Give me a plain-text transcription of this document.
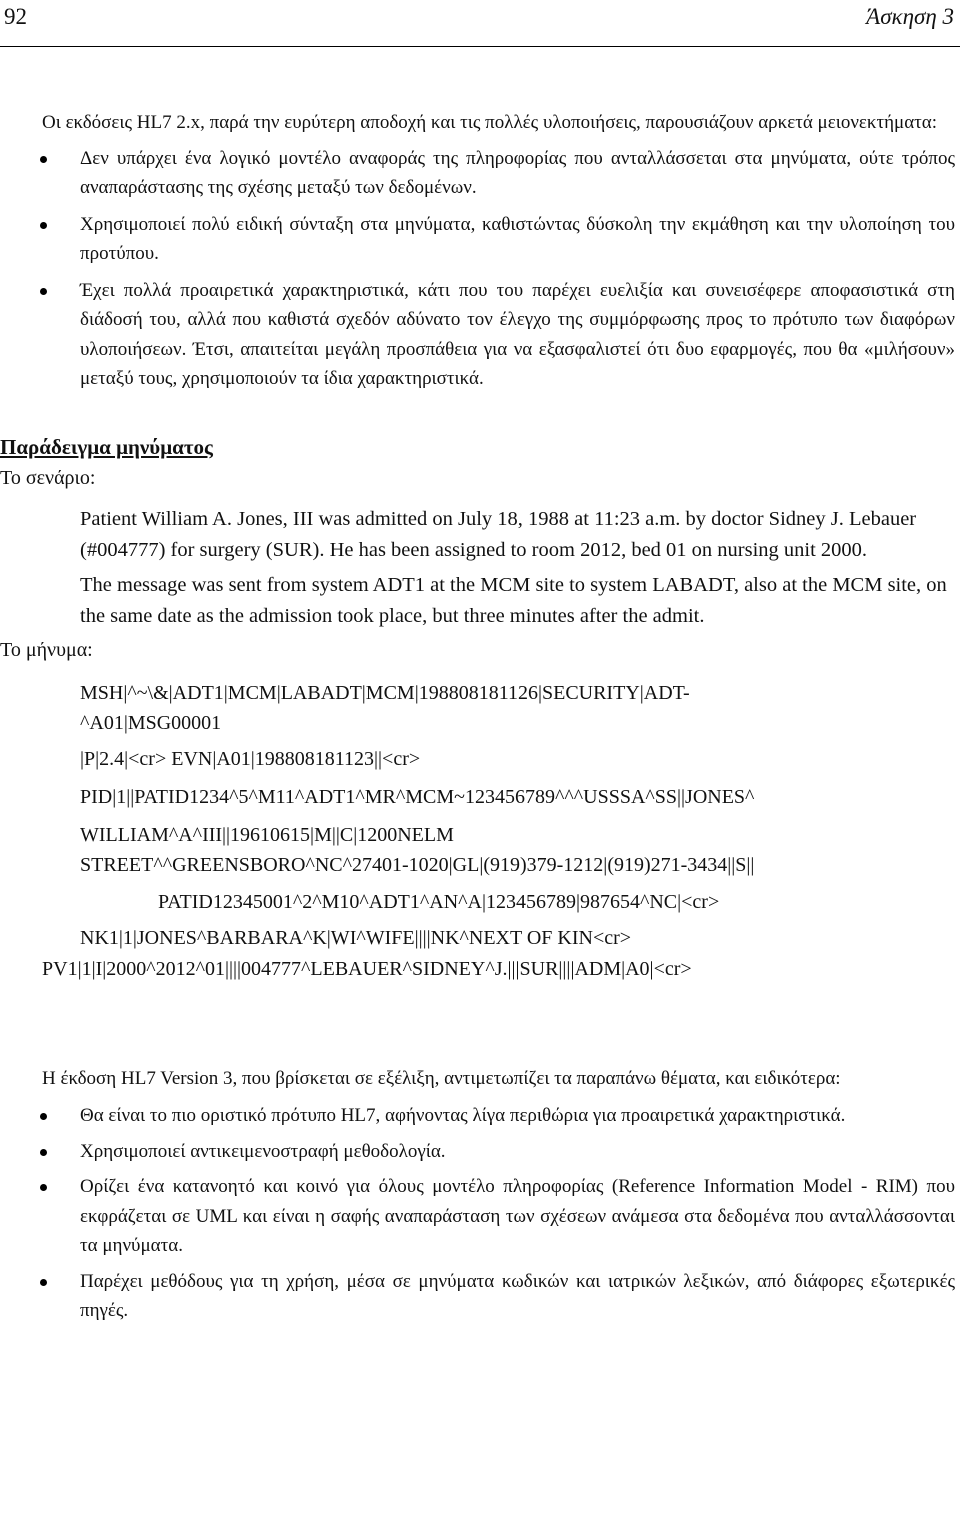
92	Άσκηση 3

Οι εκδόσεις HL7 2.x, παρά την ευρύτερη αποδοχή και τις πολλές υλοποιήσεις, παρουσιάζουν αρκετά μειονεκτήματα:

Δεν υπάρχει ένα λογικό μοντέλο αναφοράς της πληροφορίας που ανταλλάσσεται στα μηνύματα, ούτε τρόπος αναπαράστασης της σχέσης μεταξύ των δεδομένων.
Χρησιμοποιεί πολύ ειδική σύνταξη στα μηνύματα, καθιστώντας δύσκολη την εκμάθηση και την υλοποίηση του προτύπου.
Έχει πολλά προαιρετικά χαρακτηριστικά, κάτι που του παρέχει ευελιξία και συνεισέφερε αποφασιστικά στη διάδοσή του, αλλά που καθιστά σχεδόν αδύνατο τον έλεγχο της συμμόρφωσης προς το πρότυπο των διαφόρων υλοποιήσεων. Έτσι, απαιτείται μεγάλη προσπάθεια για να εξασφαλιστεί ότι δυο εφαρμογές, που θα «μιλήσουν» μεταξύ τους, χρησιμοποιούν τα ίδια χαρακτηριστικά.

Παράδειγμα μηνύματος

Το σενάριο:

Patient William A. Jones, III was admitted on July 18, 1988 at 11:23 a.m. by doctor Sidney J. Lebauer (#004777) for surgery (SUR). He has been assigned to room 2012, bed 01 on nursing unit 2000.

The message was sent from system ADT1 at the MCM site to system LABADT, also at the MCM site, on the same date as the admission took place, but three minutes after the admit.

Το μήνυμα:

MSH|^~\&|ADT1|MCM|LABADT|MCM|198808181126|SECURITY|ADT-

^A01|MSG00001

|P|2.4|<cr> EVN|A01|198808181123||<cr>

PID|1||PATID1234^5^M11^ADT1^MR^MCM~123456789^^^USSSA^SS||JONES^

WILLIAM^A^III||19610615|M||C|1200NELM

STREET^^GREENSBORO^NC^27401-1020|GL|(919)379-1212|(919)271-3434||S||

PATID12345001^2^M10^ADT1^AN^A|123456789|987654^NC|<cr>

NK1|1|JONES^BARBARA^K|WI^WIFE||||NK^NEXT OF KIN<cr>

PV1|1|I|2000^2012^01||||004777^LEBAUER^SIDNEY^J.|||SUR||||ADM|A0|<cr>

Η έκδοση HL7 Version 3, που βρίσκεται σε εξέλιξη, αντιμετωπίζει τα παραπάνω θέματα, και ειδικότερα:

Θα είναι το πιο οριστικό πρότυπο HL7, αφήνοντας λίγα περιθώρια για προαιρετικά χαρακτηριστικά.
Χρησιμοποιεί αντικειμενοστραφή μεθοδολογία.
Ορίζει ένα κατανοητό και κοινό για όλους μοντέλο πληροφορίας (Reference Information Model - RIM) που εκφράζεται σε UML και είναι η σαφής αναπαράσταση των σχέσεων ανάμεσα στα δεδομένα που ανταλλάσσονται τα μηνύματα.
Παρέχει μεθόδους για τη χρήση, μέσα σε μηνύματα κωδικών και ιατρικών λεξικών, από διάφορες εξωτερικές πηγές.
